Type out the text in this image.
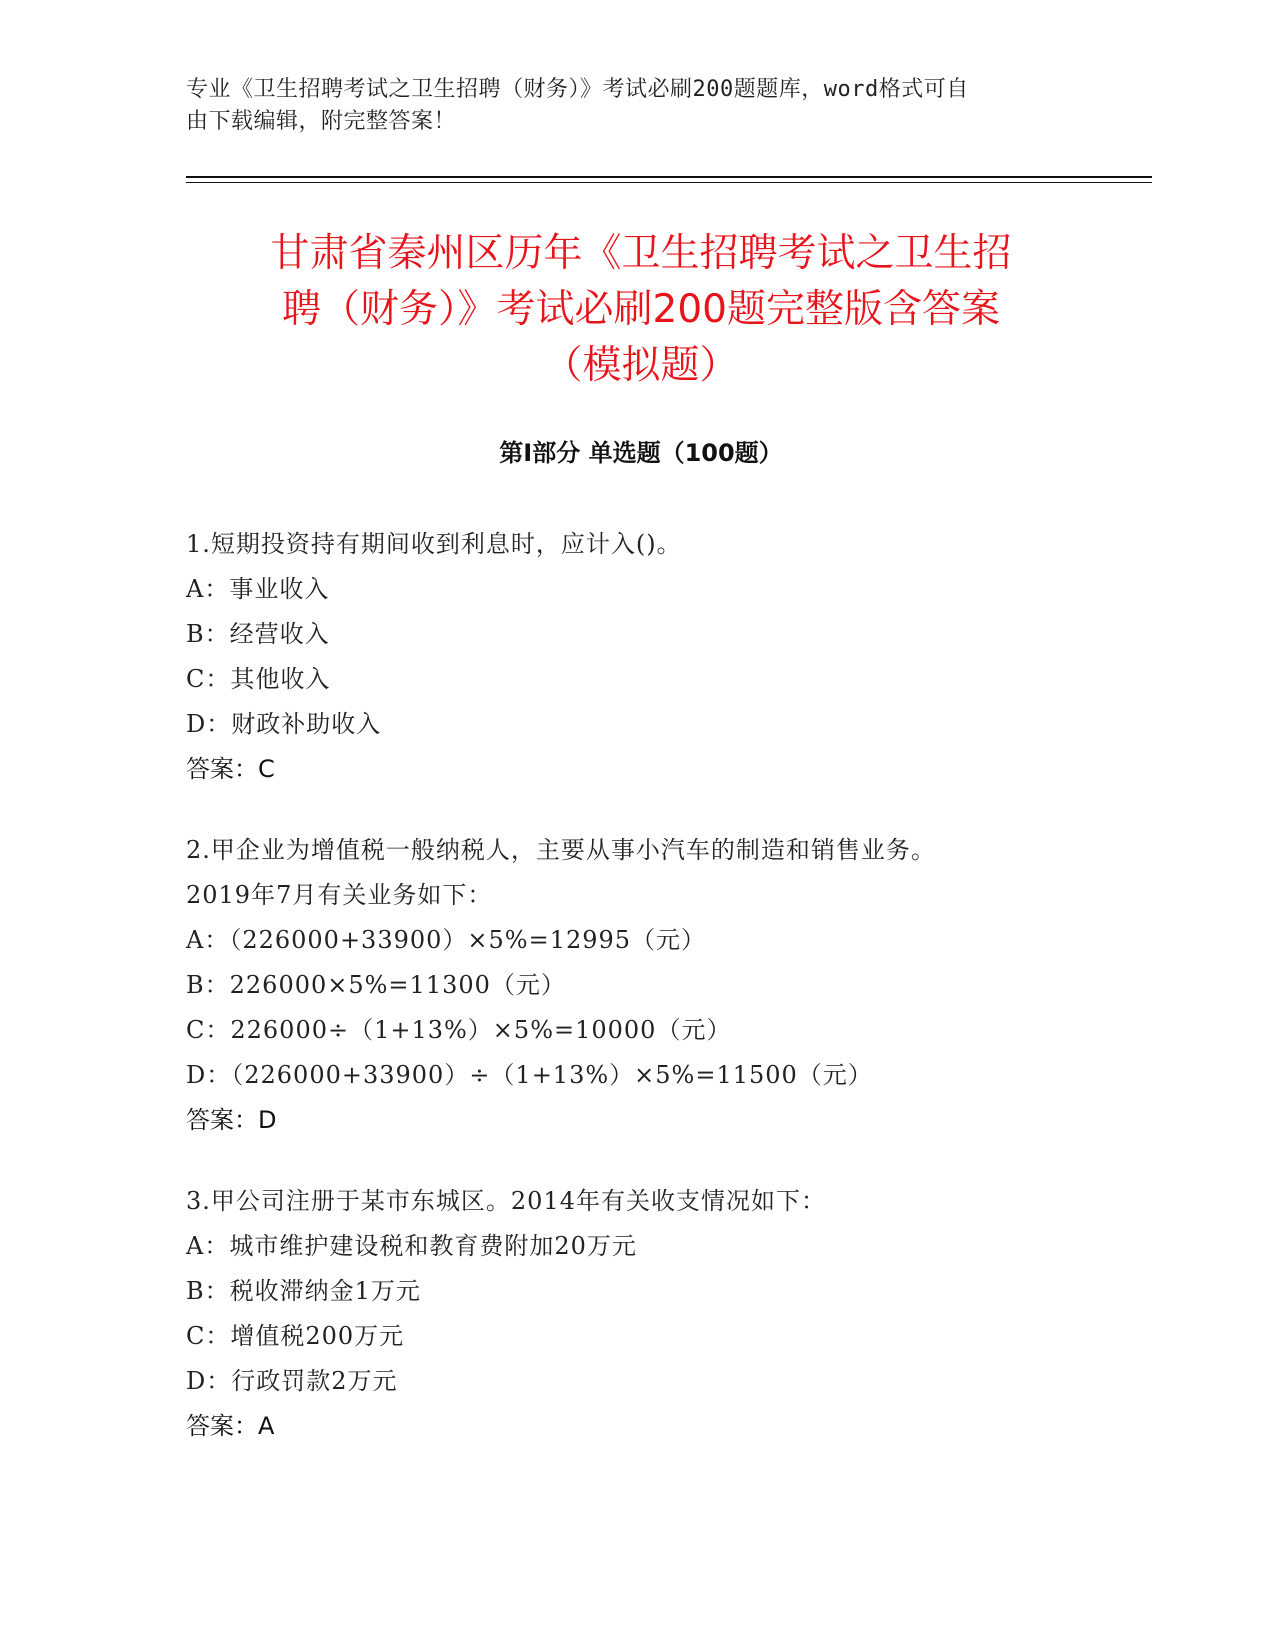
专业《卫生招聘考试之卫生招聘（财务）》考试必刷200题题库，word格式可自
由下载编辑，附完整答案！
甘肃省秦州区历年《卫生招聘考试之卫生招
聘（财务）》考试必刷200题完整版含答案
（模拟题）
第Ⅰ部分 单选题（100题）
1.短期投资持有期间收到利息时，应计入()。
A：事业收入
B：经营收入
C：其他收入
D：财政补助收入
答案：C
2.甲企业为增值税一般纳税人，主要从事小汽车的制造和销售业务。
2019年7月有关业务如下：
A：（226000+33900）×5%=12995（元）
B：226000×5%=11300（元）
C：226000÷（1+13%）×5%=10000（元）
D：（226000+33900）÷（1+13%）×5%=11500（元）
答案：D
3.甲公司注册于某市东城区。2014年有关收支情况如下：
A：城市维护建设税和教育费附加20万元
B：税收滞纳金1万元
C：增值税200万元
D：行政罚款2万元
答案：A
